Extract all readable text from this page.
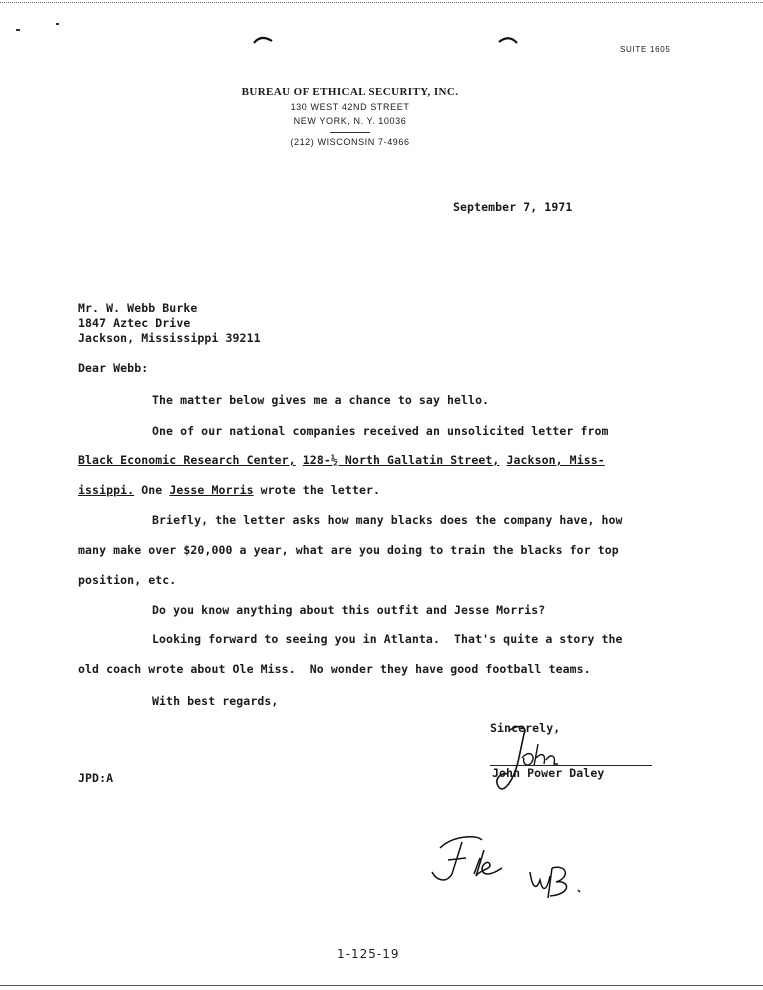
SUITE 1605
BUREAU OF ETHICAL SECURITY, INC.
130 WEST 42ND STREET
NEW YORK, N. Y. 10036
(212) WISCONSIN 7-4966
September 7, 1971
Mr. W. Webb Burke
1847 Aztec Drive
Jackson, Mississippi 39211
Dear Webb:
The matter below gives me a chance to say hello.
One of our national companies received an unsolicited letter from
Black Economic Research Center, 128-½ North Gallatin Street, Jackson, Miss-
issippi. One Jesse Morris wrote the letter.
Briefly, the letter asks how many blacks does the company have, how
many make over $20,000 a year, what are you doing to train the blacks for top
position, etc.
Do you know anything about this outfit and Jesse Morris?
Looking forward to seeing you in Atlanta.  That's quite a story the
old coach wrote about Ole Miss.  No wonder they have good football teams.
With best regards,
Sincerely,
John Power Daley
JPD:A
1-125-19
